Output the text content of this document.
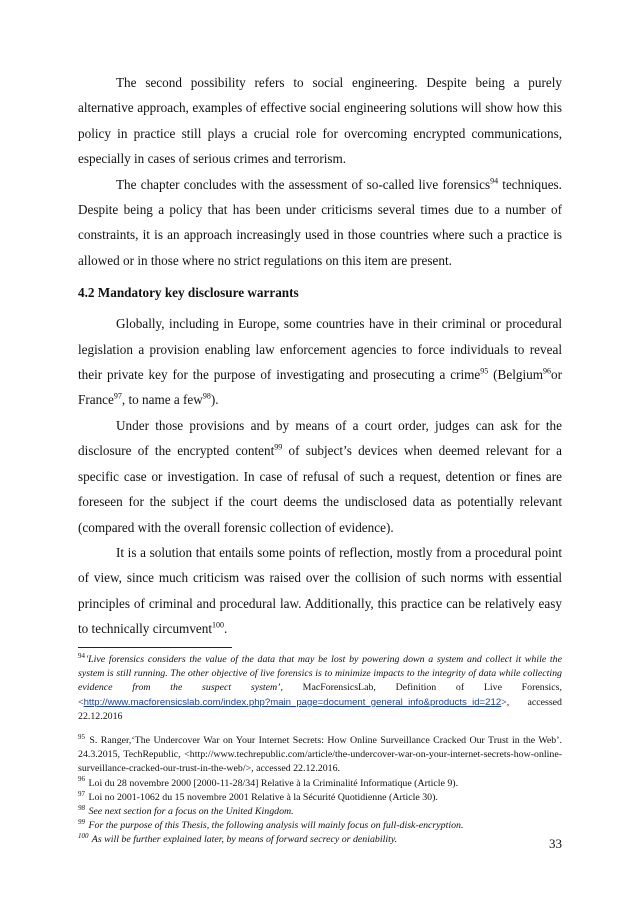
The second possibility refers to social engineering. Despite being a purely alternative approach, examples of effective social engineering solutions will show how this policy in practice still plays a crucial role for overcoming encrypted communications, especially in cases of serious crimes and terrorism.

The chapter concludes with the assessment of so-called live forensics$^{94}$ techniques. Despite being a policy that has been under criticisms several times due to a number of constraints, it is an approach increasingly used in those countries where such a practice is allowed or in those where no strict regulations on this item are present.

4.2 Mandatory key disclosure warrants

Globally, including in Europe, some countries have in their criminal or procedural legislation a provision enabling law enforcement agencies to force individuals to reveal their private key for the purpose of investigating and prosecuting a crime$^{95}$ (Belgium$^{96}$or France$^{97}$, to name a few$^{98}$).

Under those provisions and by means of a court order, judges can ask for the disclosure of the encrypted content$^{99}$ of subject’s devices when deemed relevant for a specific case or investigation. In case of refusal of such a request, detention or fines are foreseen for the subject if the court deems the undisclosed data as potentially relevant (compared with the overall forensic collection of evidence).

It is a solution that entails some points of reflection, mostly from a procedural point of view, since much criticism was raised over the collision of such norms with essential principles of criminal and procedural law. Additionally, this practice can be relatively easy to technically circumvent$^{100}$.

$^{94}$'Live forensics considers the value of the data that may be lost by powering down a system and collect it while the system is still running. The other objective of live forensics is to minimize impacts to the integrity of data while collecting evidence from the suspect system’, MacForensicsLab, Definition of Live Forensics, <http://www.macforensicslab.com/index.php?main_page=document_general_info&products_id=212>, accessed 22.12.2016

$^{95}$ S. Ranger,‘The Undercover War on Your Internet Secrets: How Online Surveillance Cracked Our Trust in the Web’. 24.3.2015, TechRepublic, <http://www.techrepublic.com/article/the-undercover-war-on-your-internet-secrets-how-online-surveillance-cracked-our-trust-in-the-web/>, accessed 22.12.2016.

$^{96}$ Loi du 28 novembre 2000 [2000-11-28/34] Relative à la Criminalité Informatique (Article 9).

$^{97}$ Loi no 2001-1062 du 15 novembre 2001 Relative à la Sécurité Quotidienne (Article 30).

$^{98}$ See next section for a focus on the United Kingdom.

$^{99}$ For the purpose of this Thesis, the following analysis will mainly focus on full-disk-encryption.

$^{100}$ As will be further explained later, by means of forward secrecy or deniability.	33
